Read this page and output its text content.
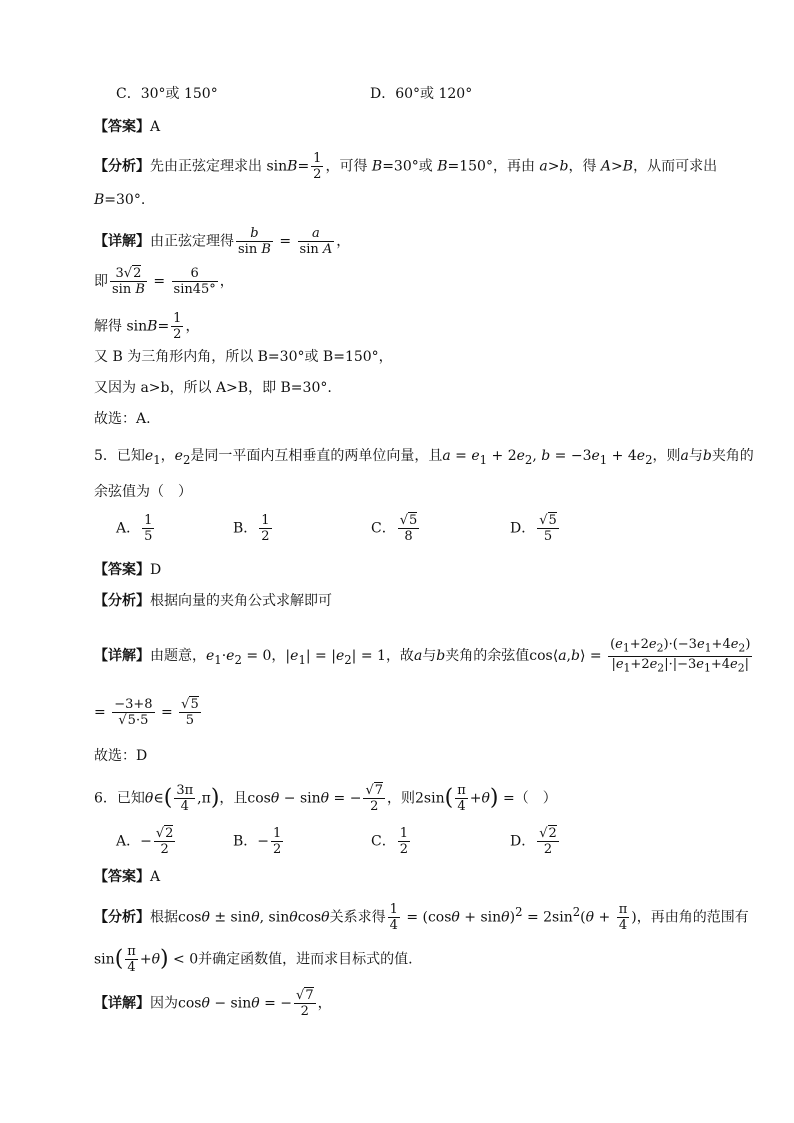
C．30°或 150°	D．60°或 120°
【答案】A
【分析】先由正弦定理求出 $\sin B= \frac{1}{2}$ ，可得 B=30°或 B=150°，再由 a>b，得 A>B，从而可求出
B=30°.
【详解】由正弦定理得 $\frac{b}{\text{sin B}} = \frac{a}{\text{sin A}}$ ，
即 $\frac{3√2}{\text{sin B}} = \frac{6}{\sin 45^\circ}$ ，
解得 $\sin B= \frac{1}{2}$ ，
又 B 为三角形内角，所以 B=30°或 B=150°，
又因为 a>b，所以 A>B，即 B=30°.
故选：A.
5．已知$e_1$，$e_2$是同一平面内互相垂直的两单位向量，且$a = e_1 + 2e_2$, $b = -3e_1 + 4e_2$，则a与b夹角的
余弦值为（　）
A． $\frac{1}{5}$	B． $\frac{1}{2}$	C． $\frac{√5}{8}$	D． $\frac{√5}{5}$
【答案】D
【分析】根据向量的夹角公式求解即可
【详解】由题意，$e_1\cdot e_2 = 0$，$|e_1| = |e_2| = 1$，故a与b夹角的余弦值cos⟨a,b⟩ = $\frac{(e_1+2e_2)\cdot(-3e_1+4e_2)}{|e_1+2e_2|\cdot|-3e_1+4e_2|}$
= $\frac{-3+8}{√5\cdot 5} = \frac{√5}{5}$
故选：D
6．已知θ∈( $\frac{3\pi}{4} ,\pi$)，且cosθ − sinθ = − $\frac{√7}{2}$ ，则$2\sin( \frac{\pi}{4} +\theta)$ =（　）
A．− $\frac{√2}{2}$	B．− $\frac{1}{2}$	C． $\frac{1}{2}$	D． $\frac{√2}{2}$
【答案】A
【分析】根据cosθ ± sinθ, sinθcosθ关系求得 $\frac{1}{4} = (\cos\theta + \sin\theta)^2 = 2\sin^2(\theta + \frac{\pi}{4}$ )，再由角的范围有
$\sin( \frac{\pi}{4} +\theta) < 0$并确定函数值，进而求目标式的值.
【详解】因为cosθ − sinθ = − $\frac{√7}{2}$ ，
